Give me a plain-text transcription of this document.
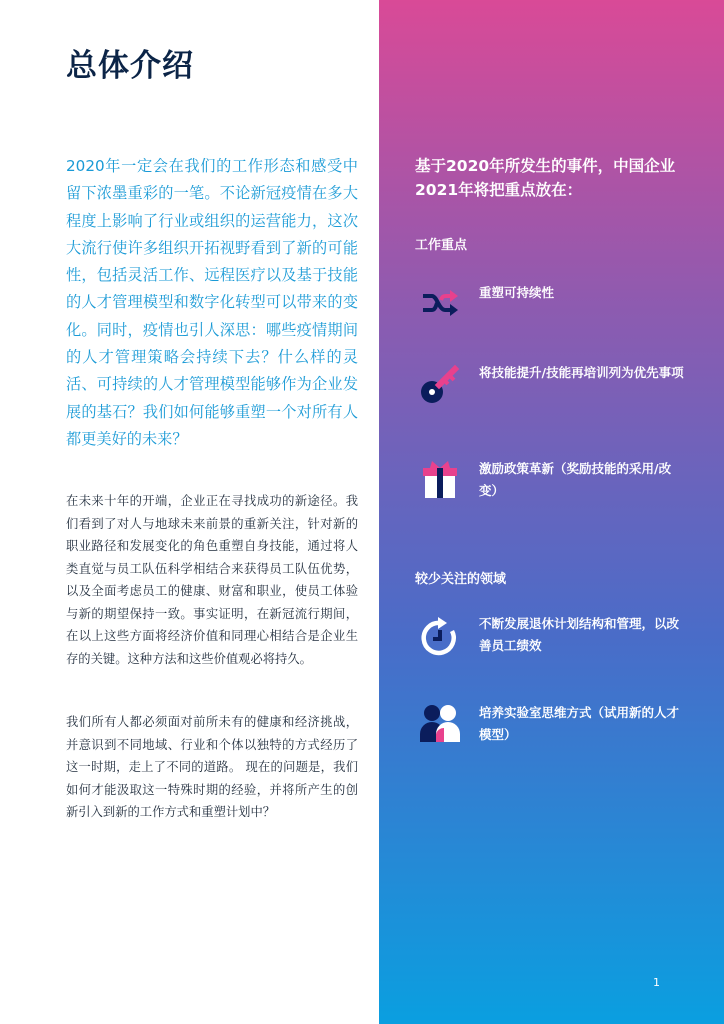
总体介绍

2020年一定会在我们的工作形态和感受中留下浓墨重彩的一笔。不论新冠疫情在多大程度上影响了行业或组织的运营能力，这次大流行使许多组织开拓视野看到了新的可能性，包括灵活工作、远程医疗以及基于技能的人才管理模型和数字化转型可以带来的变化。同时，疫情也引人深思：哪些疫情期间的人才管理策略会持续下去？什么样的灵活、可持续的人才管理模型能够作为企业发展的基石？我们如何能够重塑一个对所有人都更美好的未来？

在未来十年的开端，企业正在寻找成功的新途径。我们看到了对人与地球未来前景的重新关注，针对新的职业路径和发展变化的角色重塑自身技能，通过将人类直觉与员工队伍科学相结合来获得员工队伍优势，以及全面考虑员工的健康、财富和职业，使员工体验与新的期望保持一致。事实证明，在新冠流行期间，在以上这些方面将经济价值和同理心相结合是企业生存的关键。这种方法和这些价值观必将持久。

我们所有人都必须面对前所未有的健康和经济挑战，并意识到不同地域、行业和个体以独特的方式经历了这一时期，走上了不同的道路。 现在的问题是，我们如何才能汲取这一特殊时期的经验，并将所产生的创新引入到新的工作方式和重塑计划中？

基于2020年所发生的事件，中国企业2021年将把重点放在：
工作重点
重塑可持续性
将技能提升/技能再培训列为优先事项
激励政策革新（奖励技能的采用/改变）
较少关注的领域
不断发展退休计划结构和管理，以改善员工绩效
培养实验室思维方式（试用新的人才模型）
1
